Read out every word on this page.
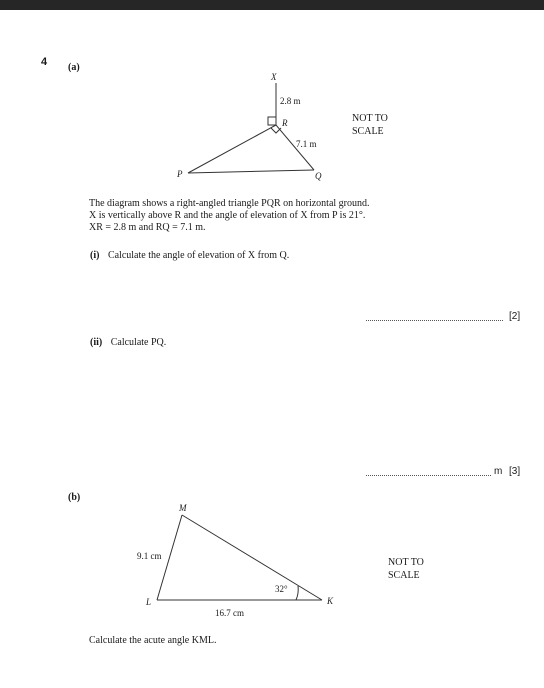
4 (a)
X
R
P	Q
2.8 m
7.1 m
NOT TO
SCALE
The diagram shows a right-angled triangle PQR on horizontal ground.
X is vertically above R and the angle of elevation of X from P is 21°.
XR = 2.8 m and RQ = 7.1 m.
(i) Calculate the angle of elevation of X from Q.
[2]
(ii) Calculate PQ.
m [3]
(b)
M
L	K
9.1 cm
16.7 cm
32°
NOT TO
SCALE
Calculate the acute angle KML.
